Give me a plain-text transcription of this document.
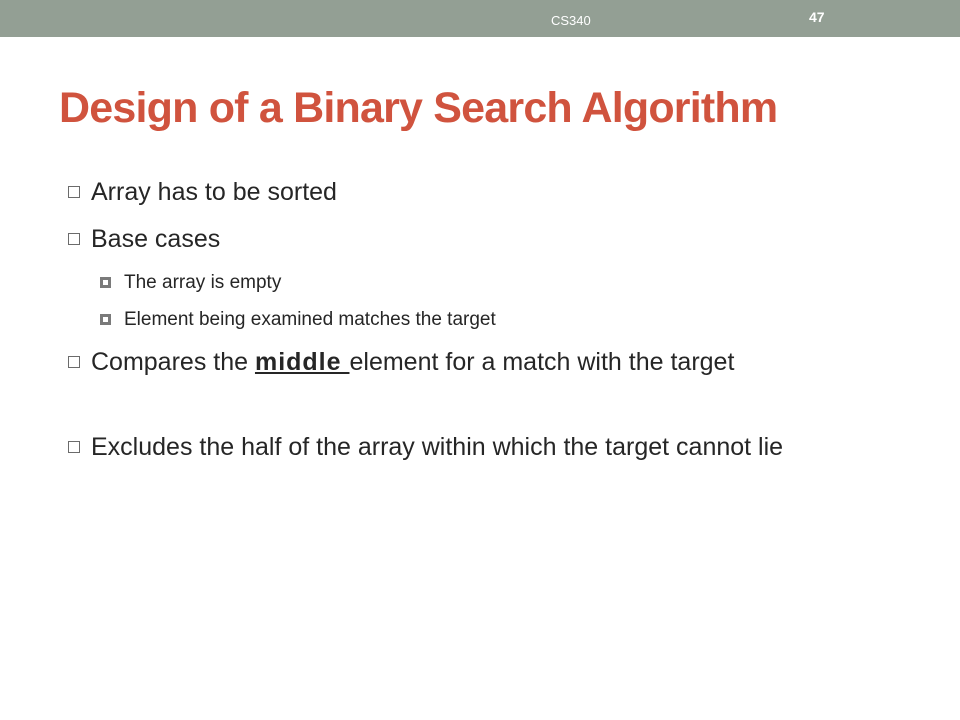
CS340	47
Design of a Binary Search Algorithm
Array has to be sorted
Base cases
The array is empty
Element being examined matches the target
Compares the middle element for a match with the target
Excludes the half of the array within which the target cannot lie
